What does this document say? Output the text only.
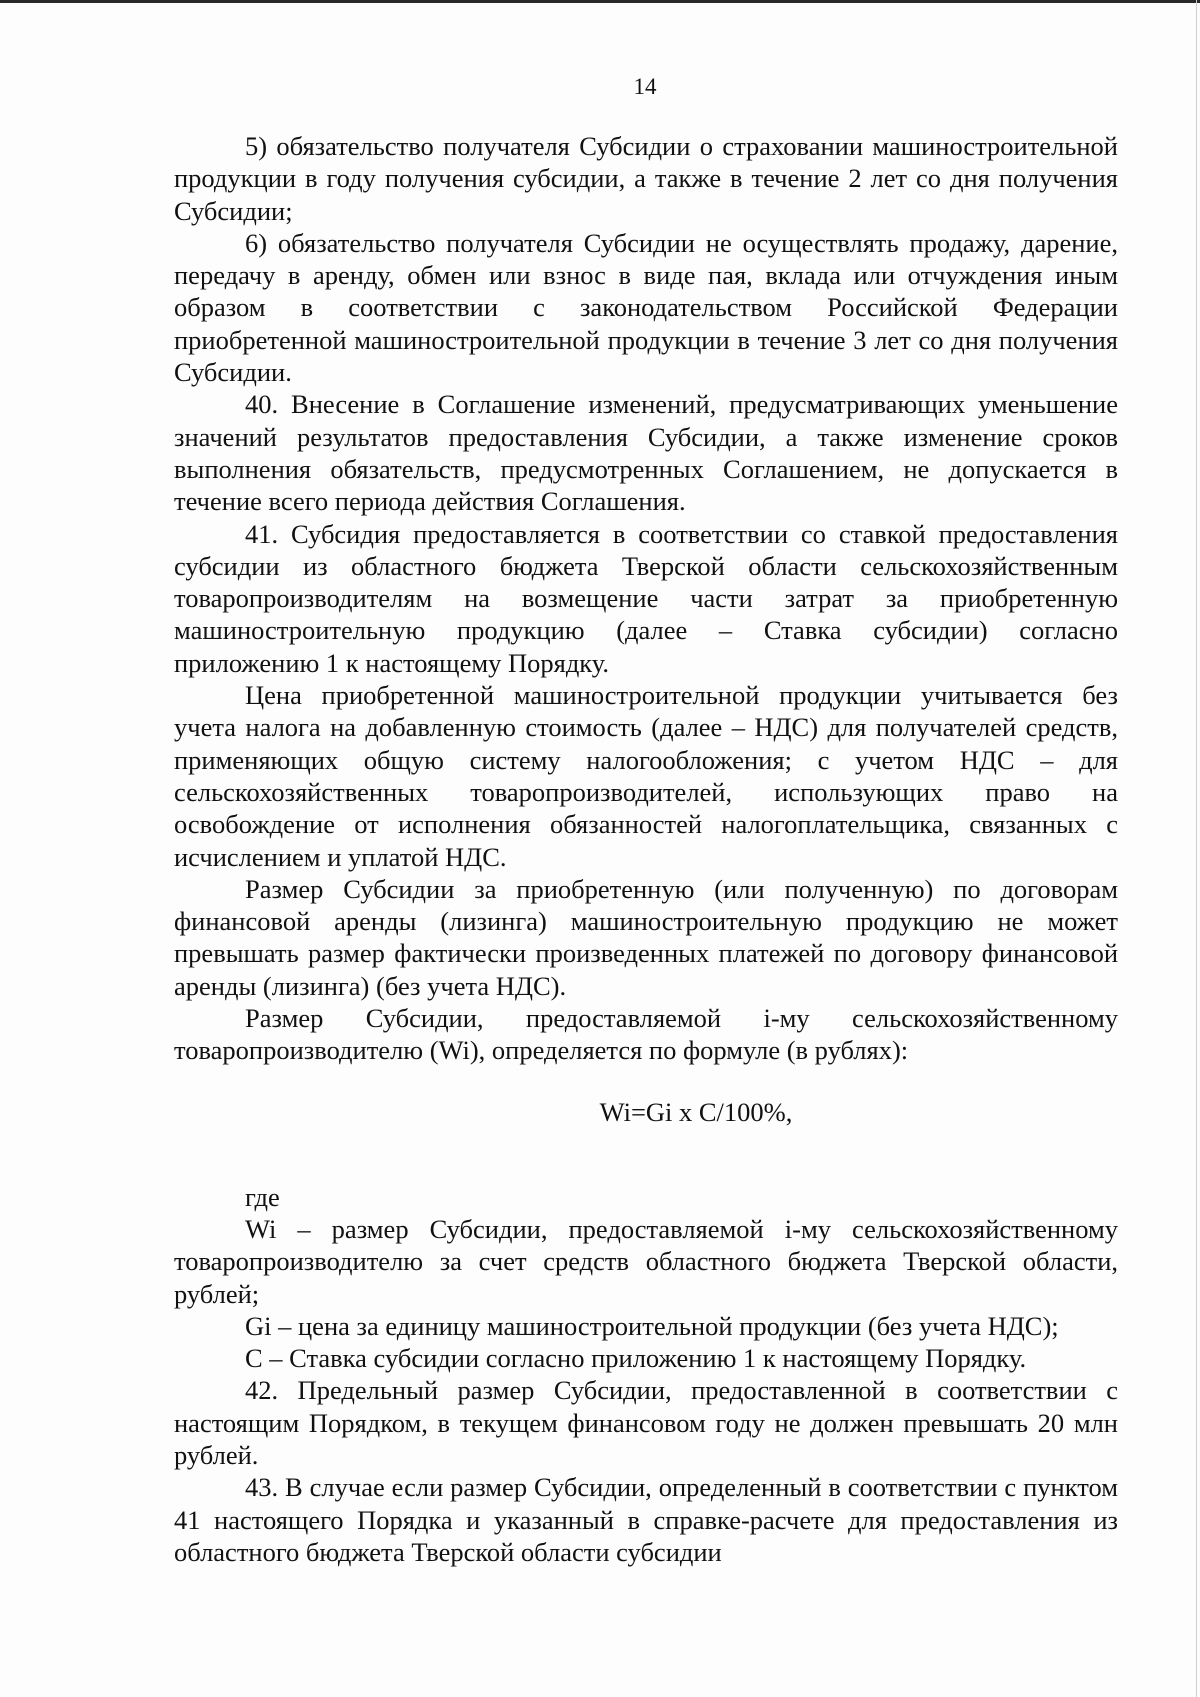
14

5) обязательство получателя Субсидии о страховании машиностроительной продукции в году получения субсидии, а также в течение 2 лет со дня получения Субсидии;

6) обязательство получателя Субсидии не осуществлять продажу, дарение, передачу в аренду, обмен или взнос в виде пая, вклада или отчуждения иным образом в соответствии с законодательством Российской Федерации приобретенной машиностроительной продукции в течение 3 лет со дня получения Субсидии.

40. Внесение в Соглашение изменений, предусматривающих уменьшение значений результатов предоставления Субсидии, а также изменение сроков выполнения обязательств, предусмотренных Соглашением, не допускается в течение всего периода действия Соглашения.

41. Субсидия предоставляется в соответствии со ставкой предоставления субсидии из областного бюджета Тверской области сельскохозяйственным товаропроизводителям на возмещение части затрат за приобретенную машиностроительную продукцию (далее – Ставка субсидии) согласно приложению 1 к настоящему Порядку.

Цена приобретенной машиностроительной продукции учитывается без учета налога на добавленную стоимость (далее – НДС) для получателей средств, применяющих общую систему налогообложения; с учетом НДС – для сельскохозяйственных товаропроизводителей, использующих право на освобождение от исполнения обязанностей налогоплательщика, связанных с исчислением и уплатой НДС.

Размер Субсидии за приобретенную (или полученную) по договорам финансовой аренды (лизинга) машиностроительную продукцию не может превышать размер фактически произведенных платежей по договору финансовой аренды (лизинга) (без учета НДС).

Размер Субсидии, предоставляемой i-му сельскохозяйственному товаропроизводителю (Wi), определяется по формуле (в рублях):

Wi=Gi x C/100%,

где

Wi – размер Субсидии, предоставляемой i-му сельскохозяйственному товаропроизводителю за счет средств областного бюджета Тверской области, рублей;

Gi – цена за единицу машиностроительной продукции (без учета НДС);

C – Ставка субсидии согласно приложению 1 к настоящему Порядку.

42. Предельный размер Субсидии, предоставленной в соответствии с настоящим Порядком, в текущем финансовом году не должен превышать 20 млн рублей.

43. В случае если размер Субсидии, определенный в соответствии с пунктом 41 настоящего Порядка и указанный в справке-расчете для предоставления из областного бюджета Тверской области субсидии
